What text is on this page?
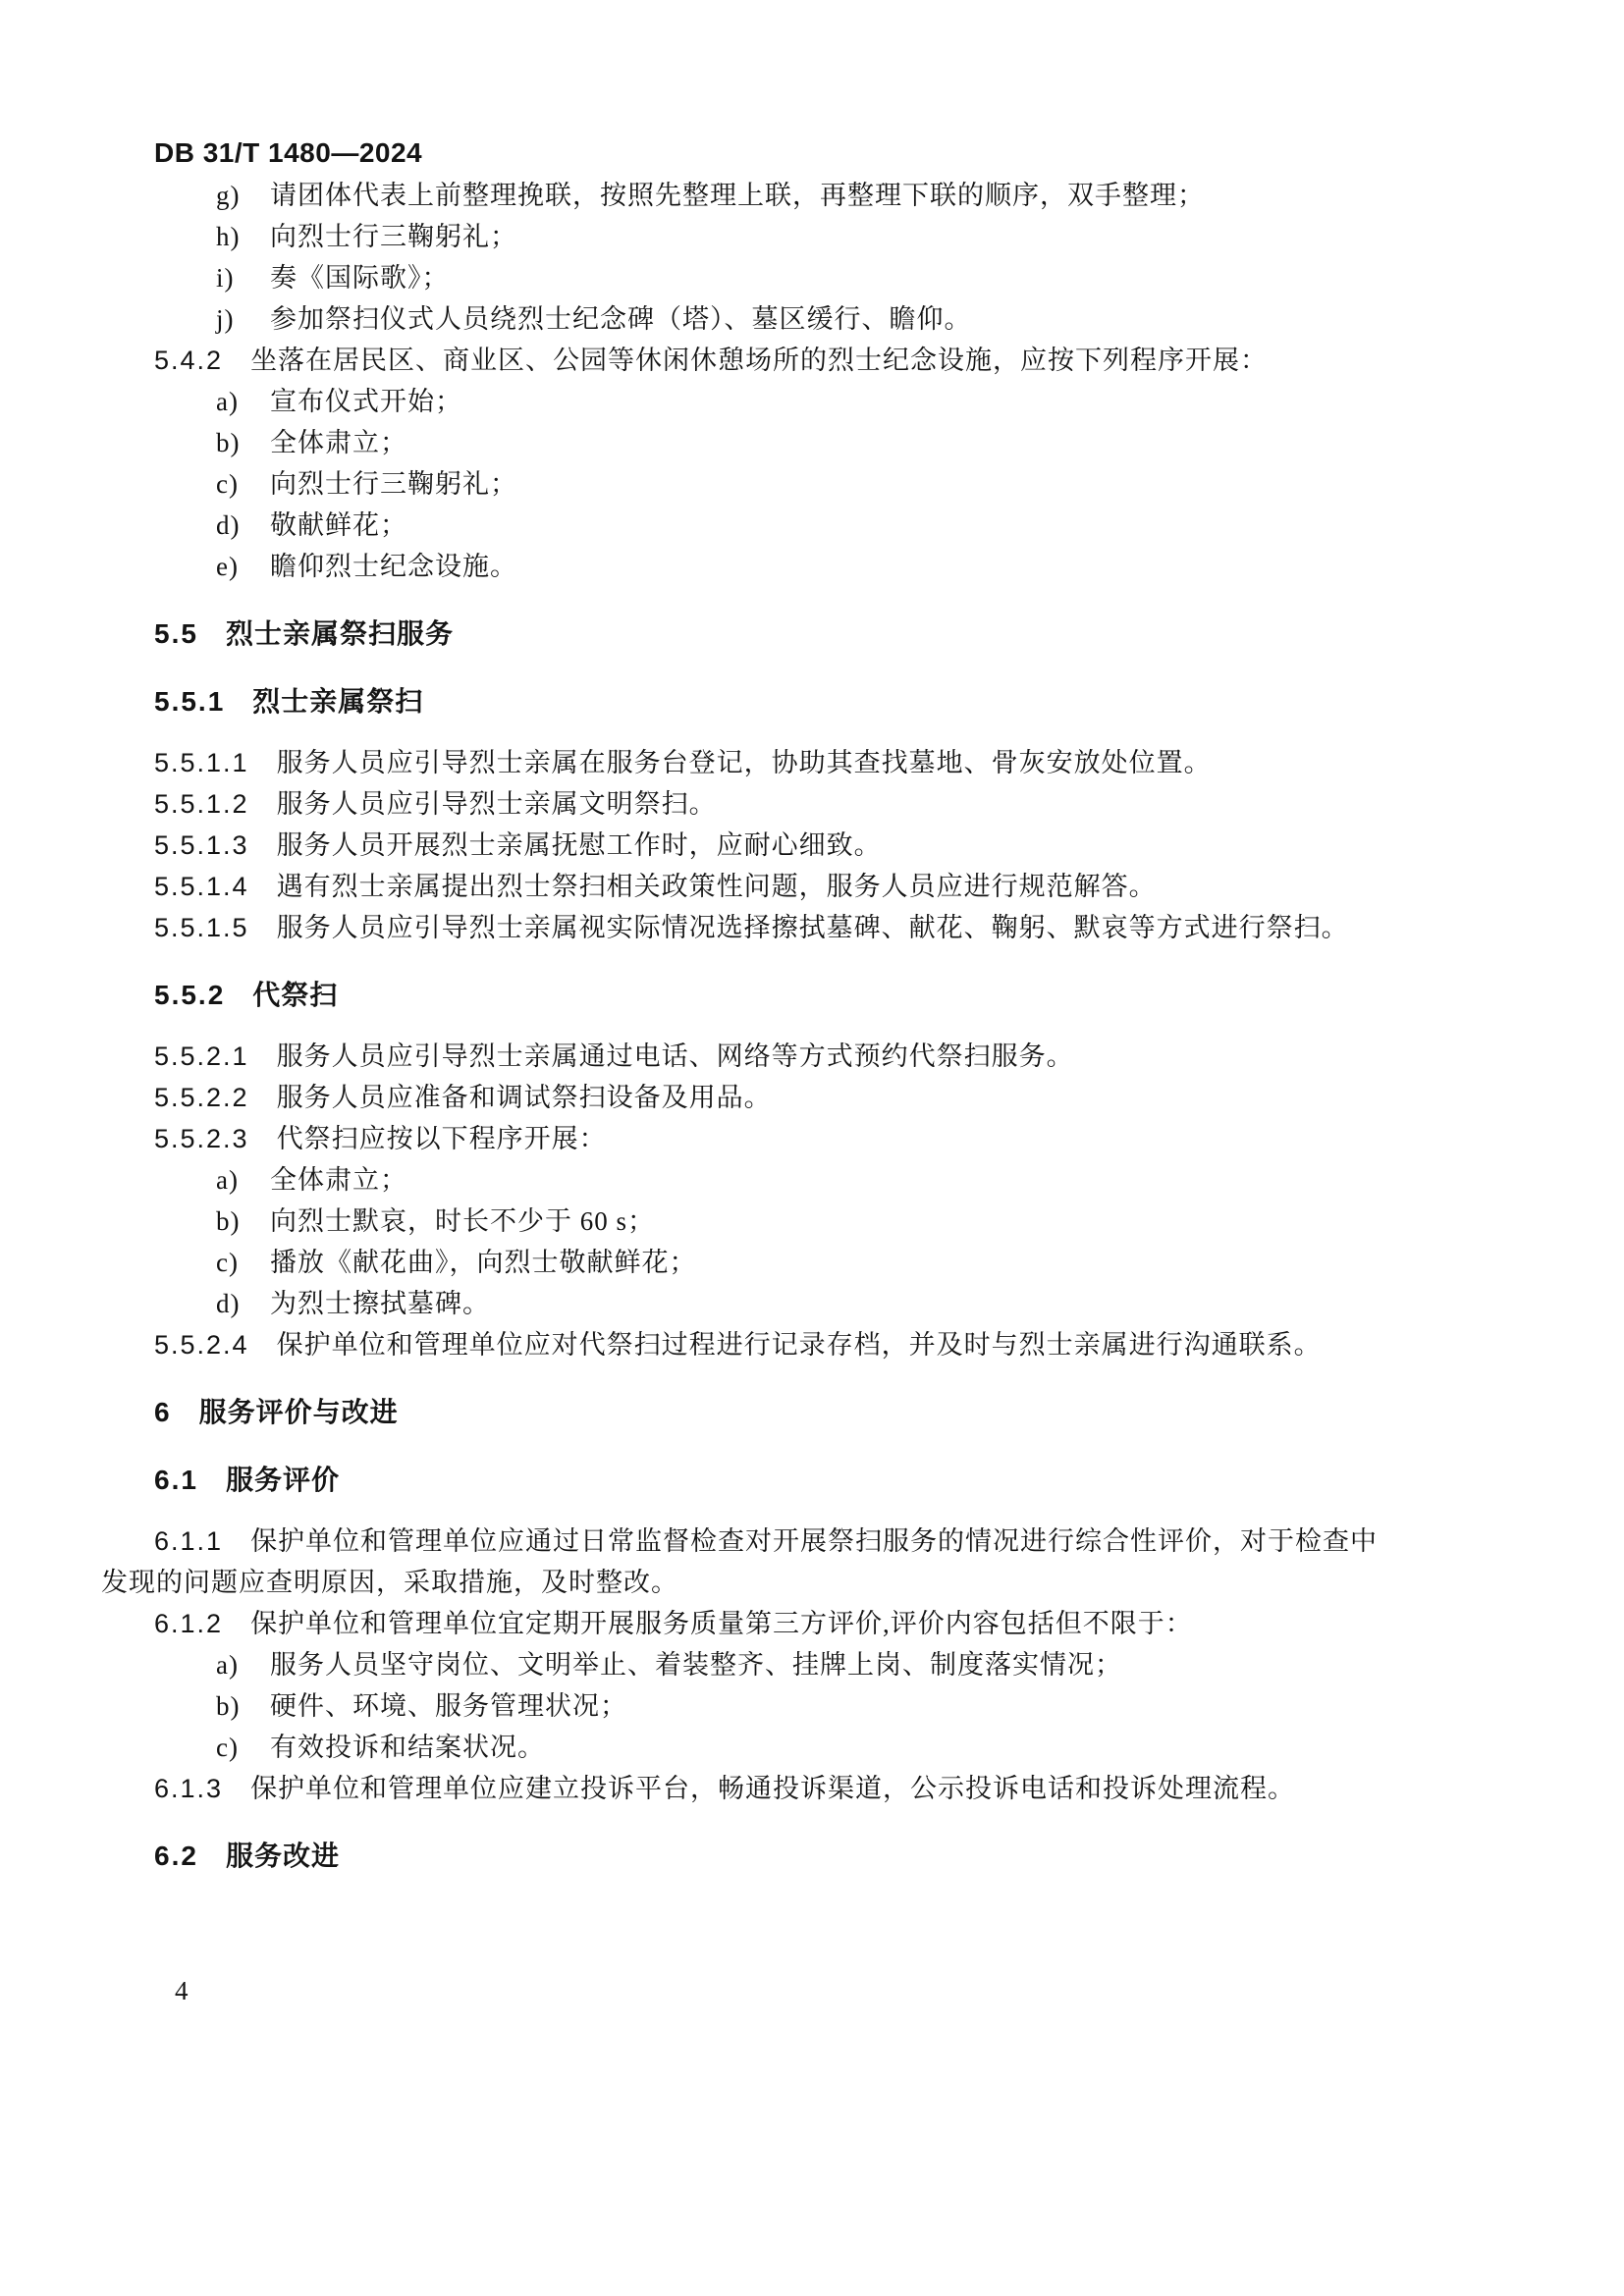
DB 31/T 1480—2024
g) 请团体代表上前整理挽联，按照先整理上联，再整理下联的顺序，双手整理；
h) 向烈士行三鞠躬礼；
i) 奏《国际歌》；
j) 参加祭扫仪式人员绕烈士纪念碑（塔）、墓区缓行、瞻仰。
5.4.2 坐落在居民区、商业区、公园等休闲休憩场所的烈士纪念设施，应按下列程序开展：
a) 宣布仪式开始；
b) 全体肃立；
c) 向烈士行三鞠躬礼；
d) 敬献鲜花；
e) 瞻仰烈士纪念设施。
5.5 烈士亲属祭扫服务
5.5.1 烈士亲属祭扫
5.5.1.1 服务人员应引导烈士亲属在服务台登记，协助其查找墓地、骨灰安放处位置。
5.5.1.2 服务人员应引导烈士亲属文明祭扫。
5.5.1.3 服务人员开展烈士亲属抚慰工作时，应耐心细致。
5.5.1.4 遇有烈士亲属提出烈士祭扫相关政策性问题，服务人员应进行规范解答。
5.5.1.5 服务人员应引导烈士亲属视实际情况选择擦拭墓碑、献花、鞠躬、默哀等方式进行祭扫。
5.5.2 代祭扫
5.5.2.1 服务人员应引导烈士亲属通过电话、网络等方式预约代祭扫服务。
5.5.2.2 服务人员应准备和调试祭扫设备及用品。
5.5.2.3 代祭扫应按以下程序开展：
a) 全体肃立；
b) 向烈士默哀，时长不少于 60 s；
c) 播放《献花曲》，向烈士敬献鲜花；
d) 为烈士擦拭墓碑。
5.5.2.4 保护单位和管理单位应对代祭扫过程进行记录存档，并及时与烈士亲属进行沟通联系。
6 服务评价与改进
6.1 服务评价
6.1.1 保护单位和管理单位应通过日常监督检查对开展祭扫服务的情况进行综合性评价，对于检查中
发现的问题应查明原因，采取措施，及时整改。
6.1.2 保护单位和管理单位宜定期开展服务质量第三方评价,评价内容包括但不限于：
a) 服务人员坚守岗位、文明举止、着装整齐、挂牌上岗、制度落实情况；
b) 硬件、环境、服务管理状况；
c) 有效投诉和结案状况。
6.1.3 保护单位和管理单位应建立投诉平台，畅通投诉渠道，公示投诉电话和投诉处理流程。
6.2 服务改进
4
